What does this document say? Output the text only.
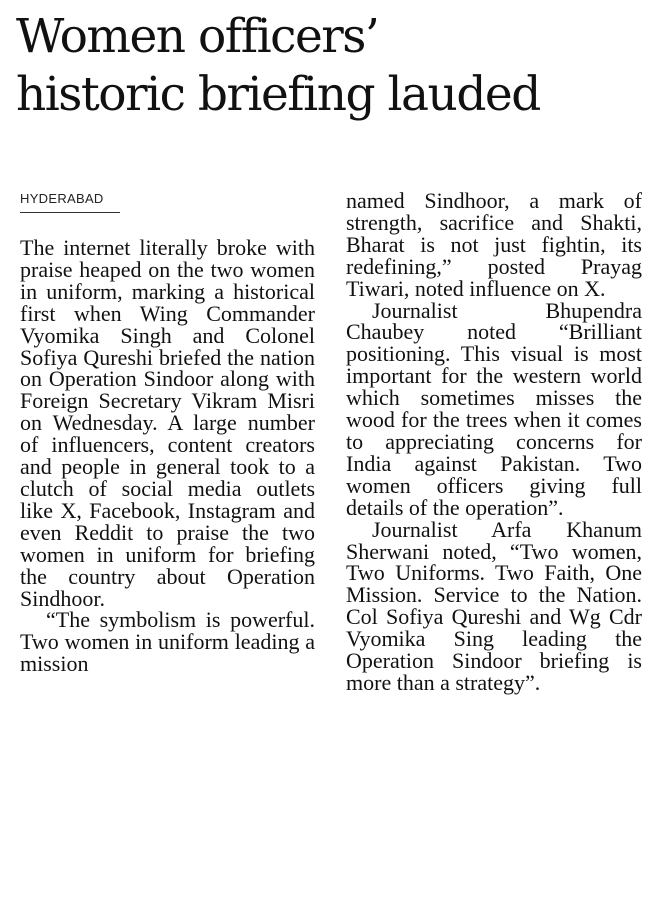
Women officers’
historic briefing lauded
HYDERABAD

The internet literally broke with praise heaped on the two women in uniform, marking a historical first when Wing Commander Vyomika Singh and Colonel Sofiya Qureshi briefed the nation on Operation Sindoor along with Foreign Secretary Vikram Misri on Wednesday. A large number of influencers, content creators and people in general took to a clutch of social media outlets like X, Facebook, Instagram and even Reddit to praise the two women in uniform for briefing the country about Operation Sindhoor.

“The symbolism is powerful. Two women in uniform leading a mission

named Sindhoor, a mark of strength, sacrifice and Shakti, Bharat is not just fightin, its redefining,” posted Prayag Tiwari, noted influence on X.

Journalist Bhupendra Chaubey noted “Brilliant positioning. This visual is most important for the western world which sometimes misses the wood for the trees when it comes to appreciating concerns for India against Pakistan. Two women officers giving full details of the operation”.

Journalist Arfa Khanum Sherwani noted, “Two women, Two Uniforms. Two Faith, One Mission. Service to the Nation. Col Sofiya Qureshi and Wg Cdr Vyomika Sing leading the Operation Sindoor briefing is more than a strategy”.
